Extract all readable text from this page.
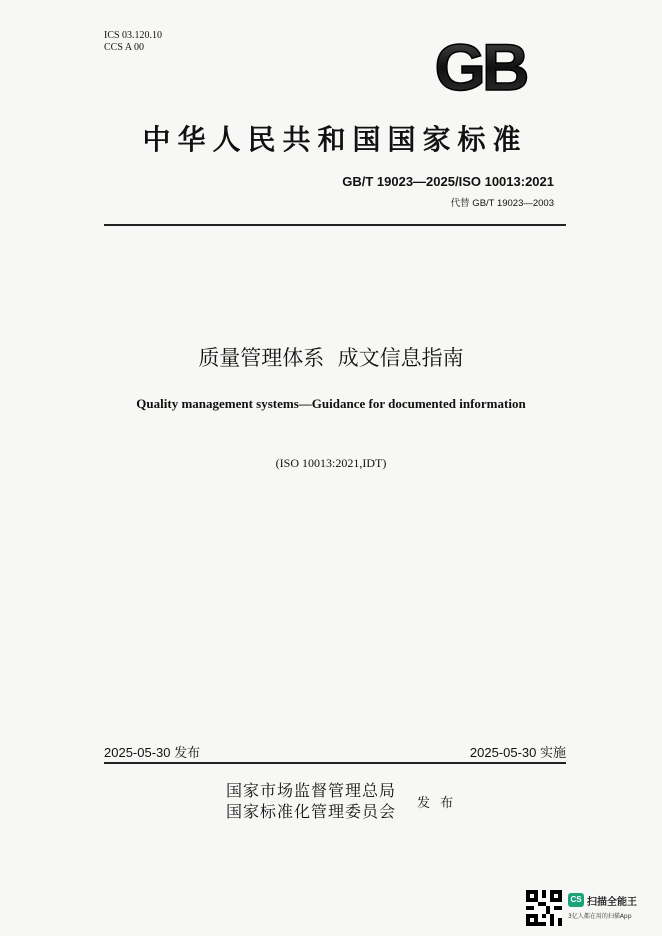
ICS 03.120.10
CCS A 00	GB
中华人民共和国国家标准
GB/T 19023—2025/ISO 10013:2021
代替 GB/T 19023—2003
质量管理体系  成文信息指南
Quality management systems—Guidance for documented information
(ISO 10013:2021,IDT)
2025-05-30 发布	2025-05-30 实施
国家市场监督管理总局
国家标准化管理委员会 发 布
CS 扫描全能王
3亿人都在用的扫描App
